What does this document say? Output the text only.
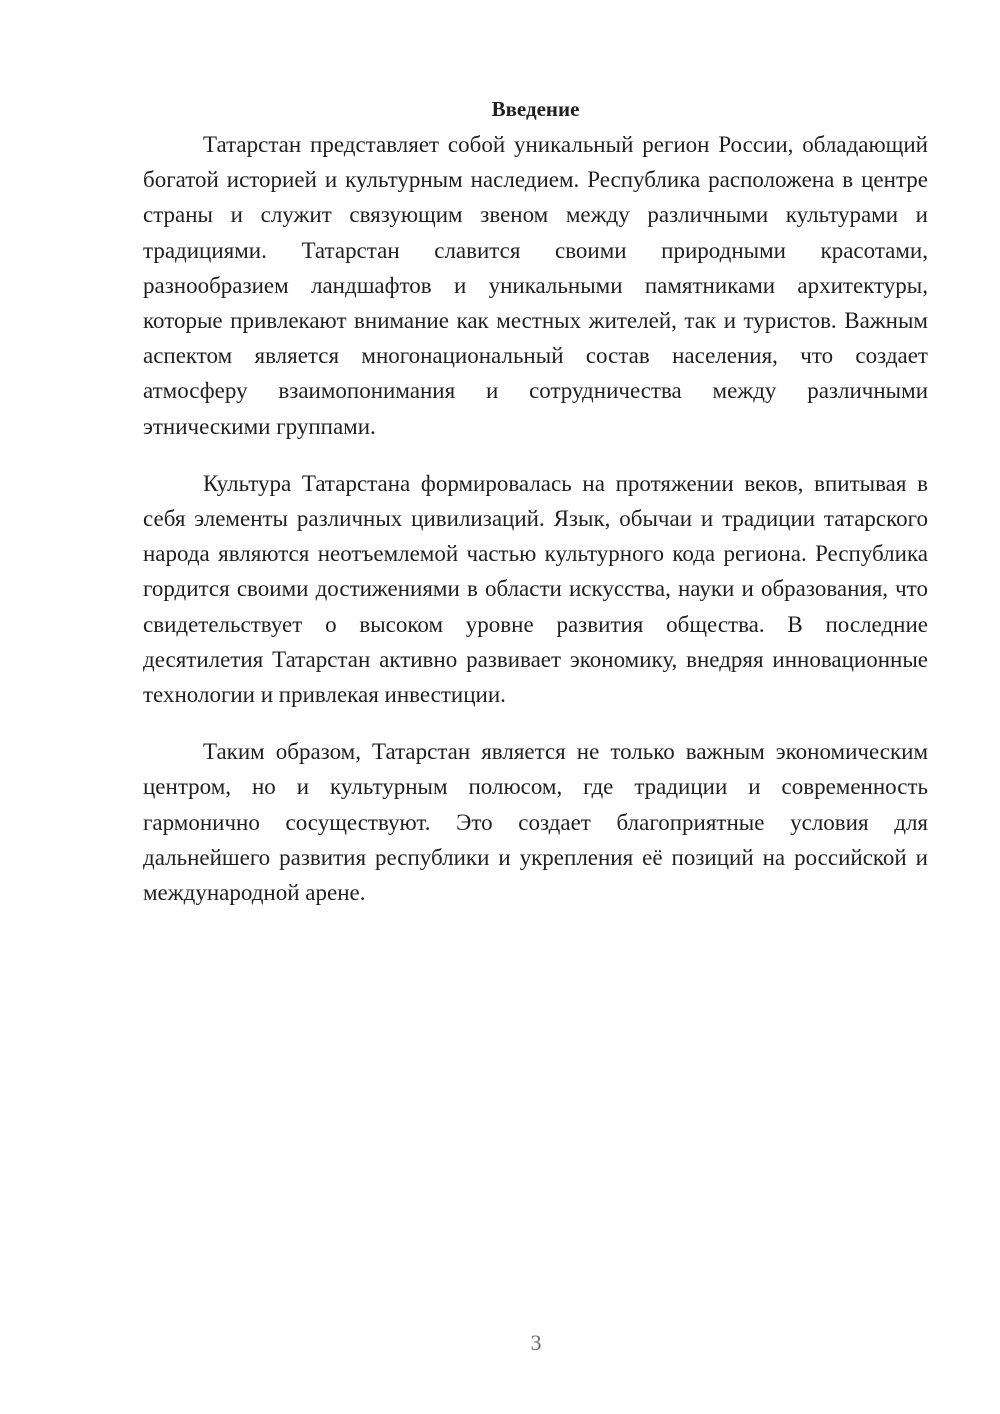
Введение

Татарстан представляет собой уникальный регион России, обладающий богатой историей и культурным наследием. Республика расположена в центре страны и служит связующим звеном между различными культурами и традициями. Татарстан славится своими природными красотами, разнообразием ландшафтов и уникальными памятниками архитектуры, которые привлекают внимание как местных жителей, так и туристов. Важным аспектом является многонациональный состав населения, что создает атмосферу взаимопонимания и сотрудничества между различными этническими группами.

Культура Татарстана формировалась на протяжении веков, впитывая в себя элементы различных цивилизаций. Язык, обычаи и традиции татарского народа являются неотъемлемой частью культурного кода региона. Республика гордится своими достижениями в области искусства, науки и образования, что свидетельствует о высоком уровне развития общества. В последние десятилетия Татарстан активно развивает экономику, внедряя инновационные технологии и привлекая инвестиции.

Таким образом, Татарстан является не только важным экономическим центром, но и культурным полюсом, где традиции и современность гармонично сосуществуют. Это создает благоприятные условия для дальнейшего развития республики и укрепления её позиций на российской и международной арене.

3
